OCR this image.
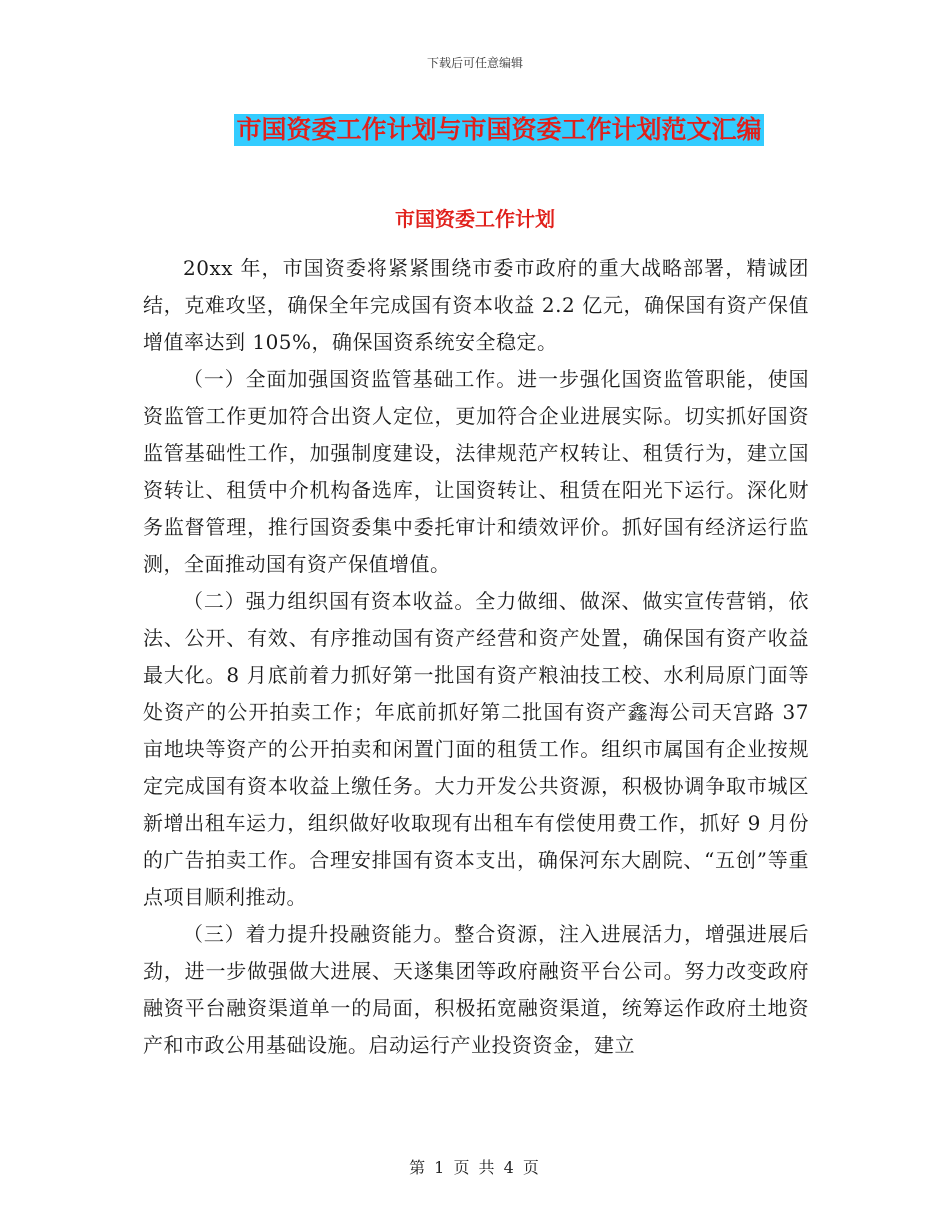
下载后可任意编辑
市国资委工作计划与市国资委工作计划范文汇编
市国资委工作计划

20xx 年，市国资委将紧紧围绕市委市政府的重大战略部署，精诚团结，克难攻坚，确保全年完成国有资本收益 2.2 亿元，确保国有资产保值增值率达到 105%，确保国资系统安全稳定。

（一）全面加强国资监管基础工作。进一步强化国资监管职能，使国资监管工作更加符合出资人定位，更加符合企业进展实际。切实抓好国资监管基础性工作，加强制度建设，法律规范产权转让、租赁行为，建立国资转让、租赁中介机构备选库，让国资转让、租赁在阳光下运行。深化财务监督管理，推行国资委集中委托审计和绩效评价。抓好国有经济运行监测，全面推动国有资产保值增值。

（二）强力组织国有资本收益。全力做细、做深、做实宣传营销，依法、公开、有效、有序推动国有资产经营和资产处置，确保国有资产收益最大化。8 月底前着力抓好第一批国有资产粮油技工校、水利局原门面等处资产的公开拍卖工作；年底前抓好第二批国有资产鑫海公司天宫路 37 亩地块等资产的公开拍卖和闲置门面的租赁工作。组织市属国有企业按规定完成国有资本收益上缴任务。大力开发公共资源，积极协调争取市城区新增出租车运力，组织做好收取现有出租车有偿使用费工作，抓好 9 月份的广告拍卖工作。合理安排国有资本支出，确保河东大剧院、“五创”等重点项目顺利推动。

（三）着力提升投融资能力。整合资源，注入进展活力，增强进展后劲，进一步做强做大进展、天遂集团等政府融资平台公司。努力改变政府融资平台融资渠道单一的局面，积极拓宽融资渠道，统筹运作政府土地资产和市政公用基础设施。启动运行产业投资资金，建立

第 1 页 共 4 页
